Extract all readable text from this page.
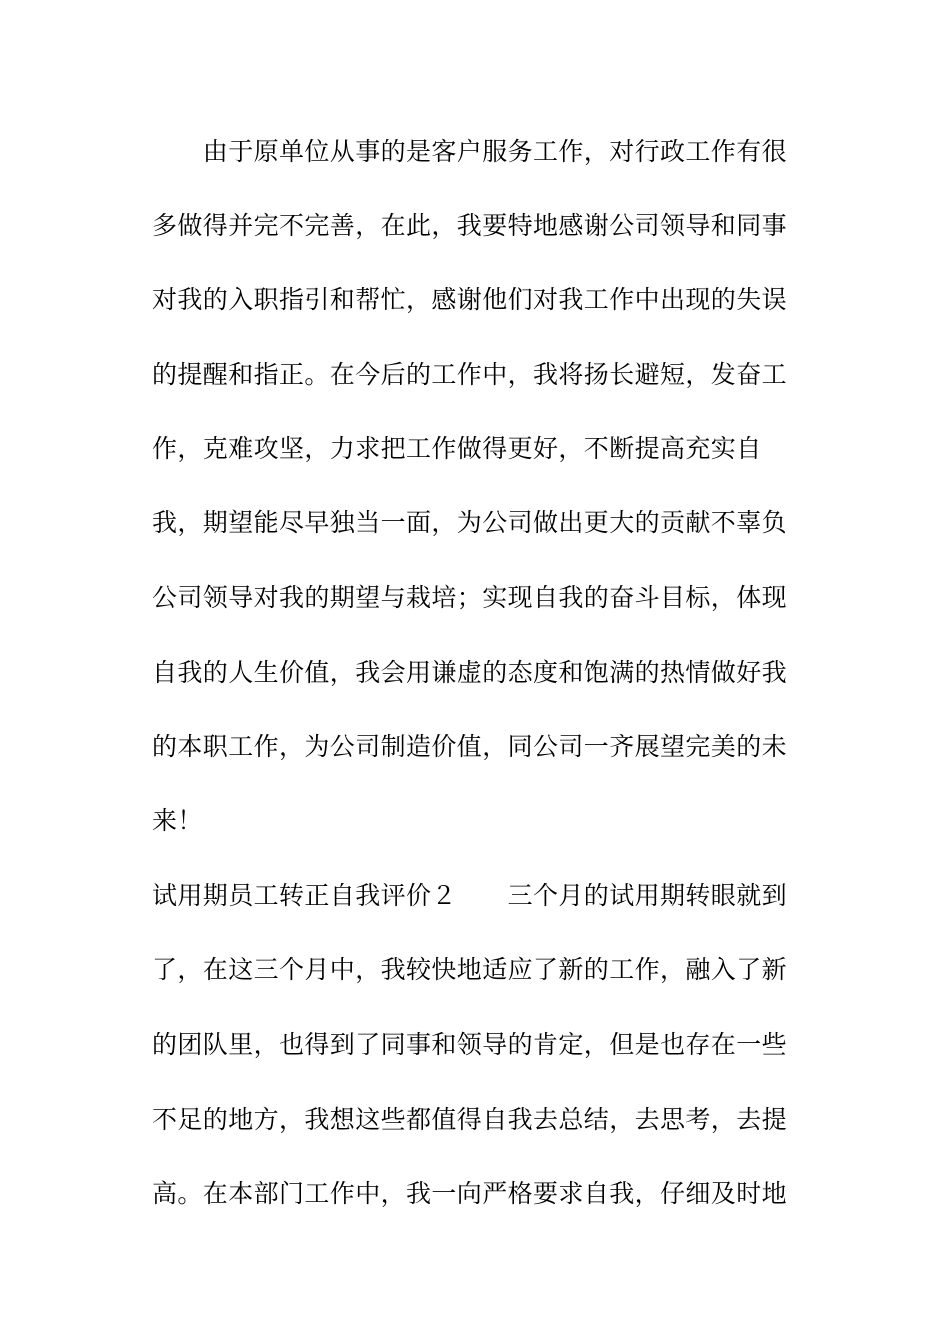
　　由于原单位从事的是客户服务工作，对行政工作有很
多做得并完不完善，在此，我要特地感谢公司领导和同事
对我的入职指引和帮忙，感谢他们对我工作中出现的失误
的提醒和指正。在今后的工作中，我将扬长避短，发奋工
作，克难攻坚，力求把工作做得更好，不断提高充实自
我，期望能尽早独当一面，为公司做出更大的贡献不辜负
公司领导对我的期望与栽培；实现自我的奋斗目标，体现
自我的人生价值，我会用谦虚的态度和饱满的热情做好我
的本职工作，为公司制造价值，同公司一齐展望完美的未
来！
试用期员工转正自我评价２　　三个月的试用期转眼就到
了，在这三个月中，我较快地适应了新的工作，融入了新
的团队里，也得到了同事和领导的肯定，但是也存在一些
不足的地方，我想这些都值得自我去总结，去思考，去提
高。在本部门工作中，我一向严格要求自我，仔细及时地
